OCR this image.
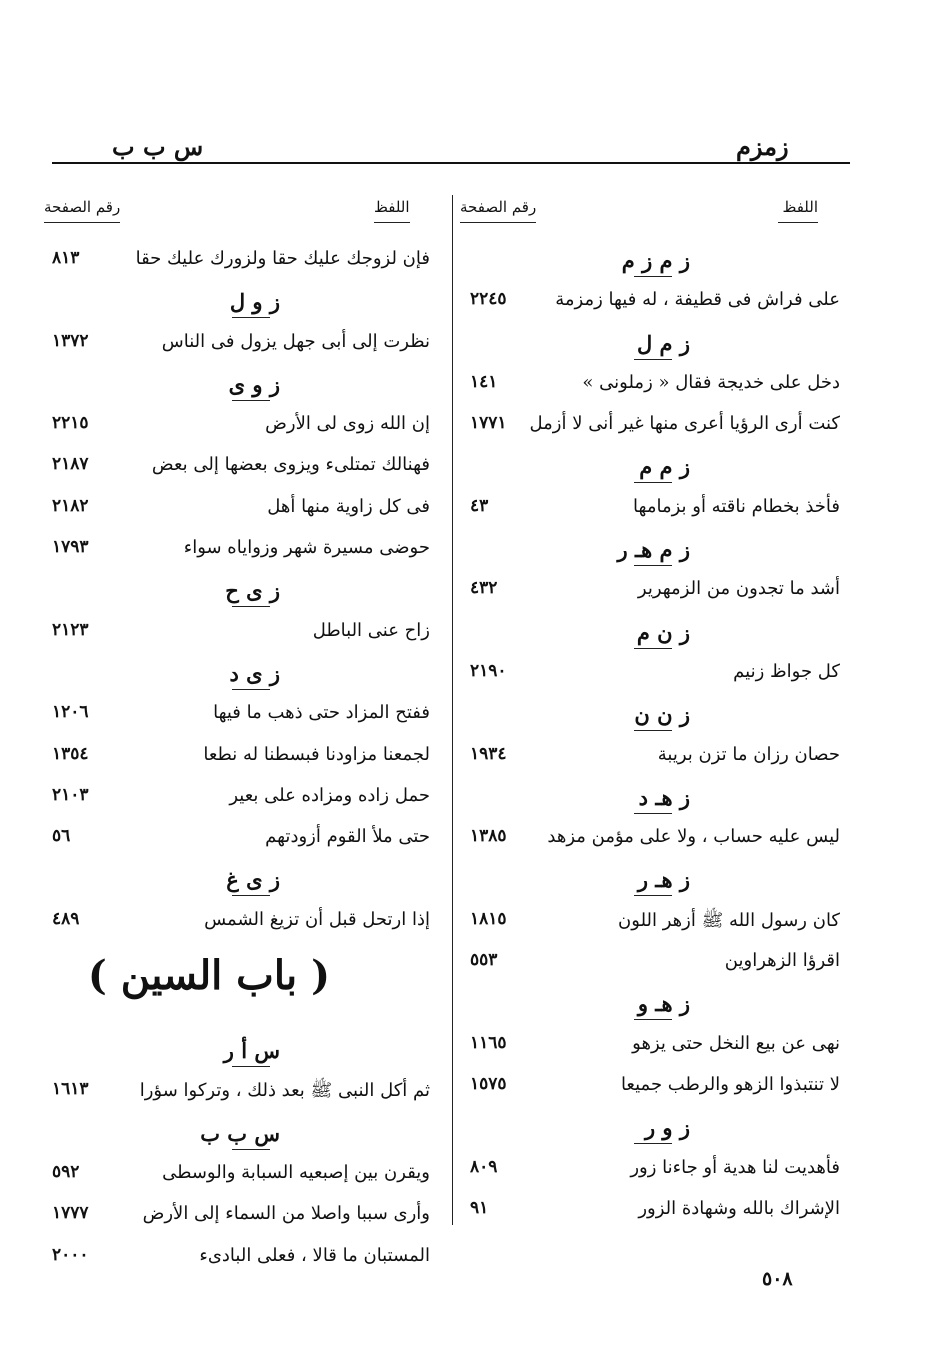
زمزم
س ب ب
اللفظ
رقم الصفحة
اللفظ
رقم الصفحة
ز م ز م
على فراش فى قطيفة ، له فيها زمزمة
٢٢٤٥
ز م ل
دخل على خديجة فقال « زملونى »
١٤١
كنت أرى الرؤيا أعرى منها غير أنى لا أزمل
١٧٧١
ز م م
فأخذ بخطام ناقته أو بزمامها
٤٣
ز م هـ ر
أشد ما تجدون من الزمهرير
٤٣٢
ز ن م
كل جواظ زنيم
٢١٩٠
ز ن ن
حصان رزان ما تزن بريبة
١٩٣٤
ز هـ د
ليس عليه حساب ، ولا على مؤمن مزهد
١٣٨٥
ز هـ ر
كان رسول الله ﷺ أزهر اللون
١٨١٥
اقرؤا الزهراوين
٥٥٣
ز هـ و
نهى عن بيع النخل حتى يزهو
١١٦٥
لا تنتبذوا الزهو والرطب جميعا
١٥٧٥
ز و ر
فأهديت لنا هدية أو جاءنا زور
٨٠٩
الإشراك بالله وشهادة الزور
٩١
فإن لزوجك عليك حقا ولزورك عليك حقا
٨١٣
ز و ل
نظرت إلى أبى جهل يزول فى الناس
١٣٧٢
ز و ى
إن الله زوى لى الأرض
٢٢١٥
فهنالك تمتلىء ويزوى بعضها إلى بعض
٢١٨٧
فى كل زاوية منها أهل
٢١٨٢
حوضى مسيرة شهر وزواياه سواء
١٧٩٣
ز ى ح
زاح عنى الباطل
٢١٢٣
ز ى د
ففتح المزاد حتى ذهب ما فيها
١٢٠٦
لجمعنا مزاودنا فبسطنا له نطعا
١٣٥٤
حمل زاده ومزاده على بعير
٢١٠٣
حتى ملأ القوم أزودتهم
٥٦
ز ى غ
إذا ارتحل قبل أن تزيغ الشمس
٤٨٩
( باب السين )
س أ ر
ثم أكل النبى ﷺ بعد ذلك ، وتركوا سؤرا
١٦١٣
س ب ب
ويقرن بين إصبعيه السبابة والوسطى
٥٩٢
وأرى سببا واصلا من السماء إلى الأرض
١٧٧٧
المستبان ما قالا ، فعلى البادىء
٢٠٠٠
٥٠٨
